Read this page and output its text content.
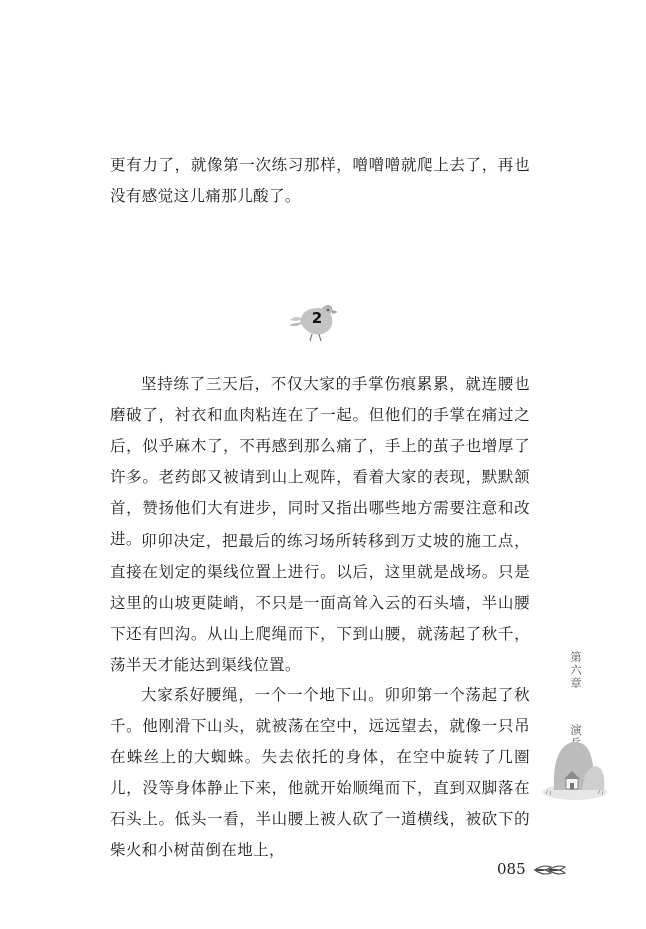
更有力了，就像第一次练习那样，噌噌噌就爬上去了，再也没有感觉这儿痛那儿酸了。

2

坚持练了三天后，不仅大家的手掌伤痕累累，就连腰也磨破了，衬衣和血肉粘连在了一起。但他们的手掌在痛过之后，似乎麻木了，不再感到那么痛了，手上的茧子也增厚了许多。老药郎又被请到山上观阵，看着大家的表现，默默颔首，赞扬他们大有进步，同时又指出哪些地方需要注意和改进。 卯卯决定，把最后的练习场所转移到万丈坡的施工点，直接在划定的渠线位置上进行。以后，这里就是战场。只是这里的山坡更陡峭，不只是一面高耸入云的石头墙，半山腰下还有凹沟。从山上爬绳而下，下到山腰，就荡起了秋千，荡半天才能达到渠线位置。

大家系好腰绳，一个一个地下山。卯卯第一个荡起了秋千。他刚滑下山头，就被荡在空中，远远望去，就像一只吊在蛛丝上的大蜘蛛。失去依托的身体，在空中旋转了几圈儿，没等身体静止下来，他就开始顺绳而下，直到双脚落在石头上。低头一看，半山腰上被人砍了一道横线，被砍下的柴火和小树苗倒在地上，

第六章

演

085
